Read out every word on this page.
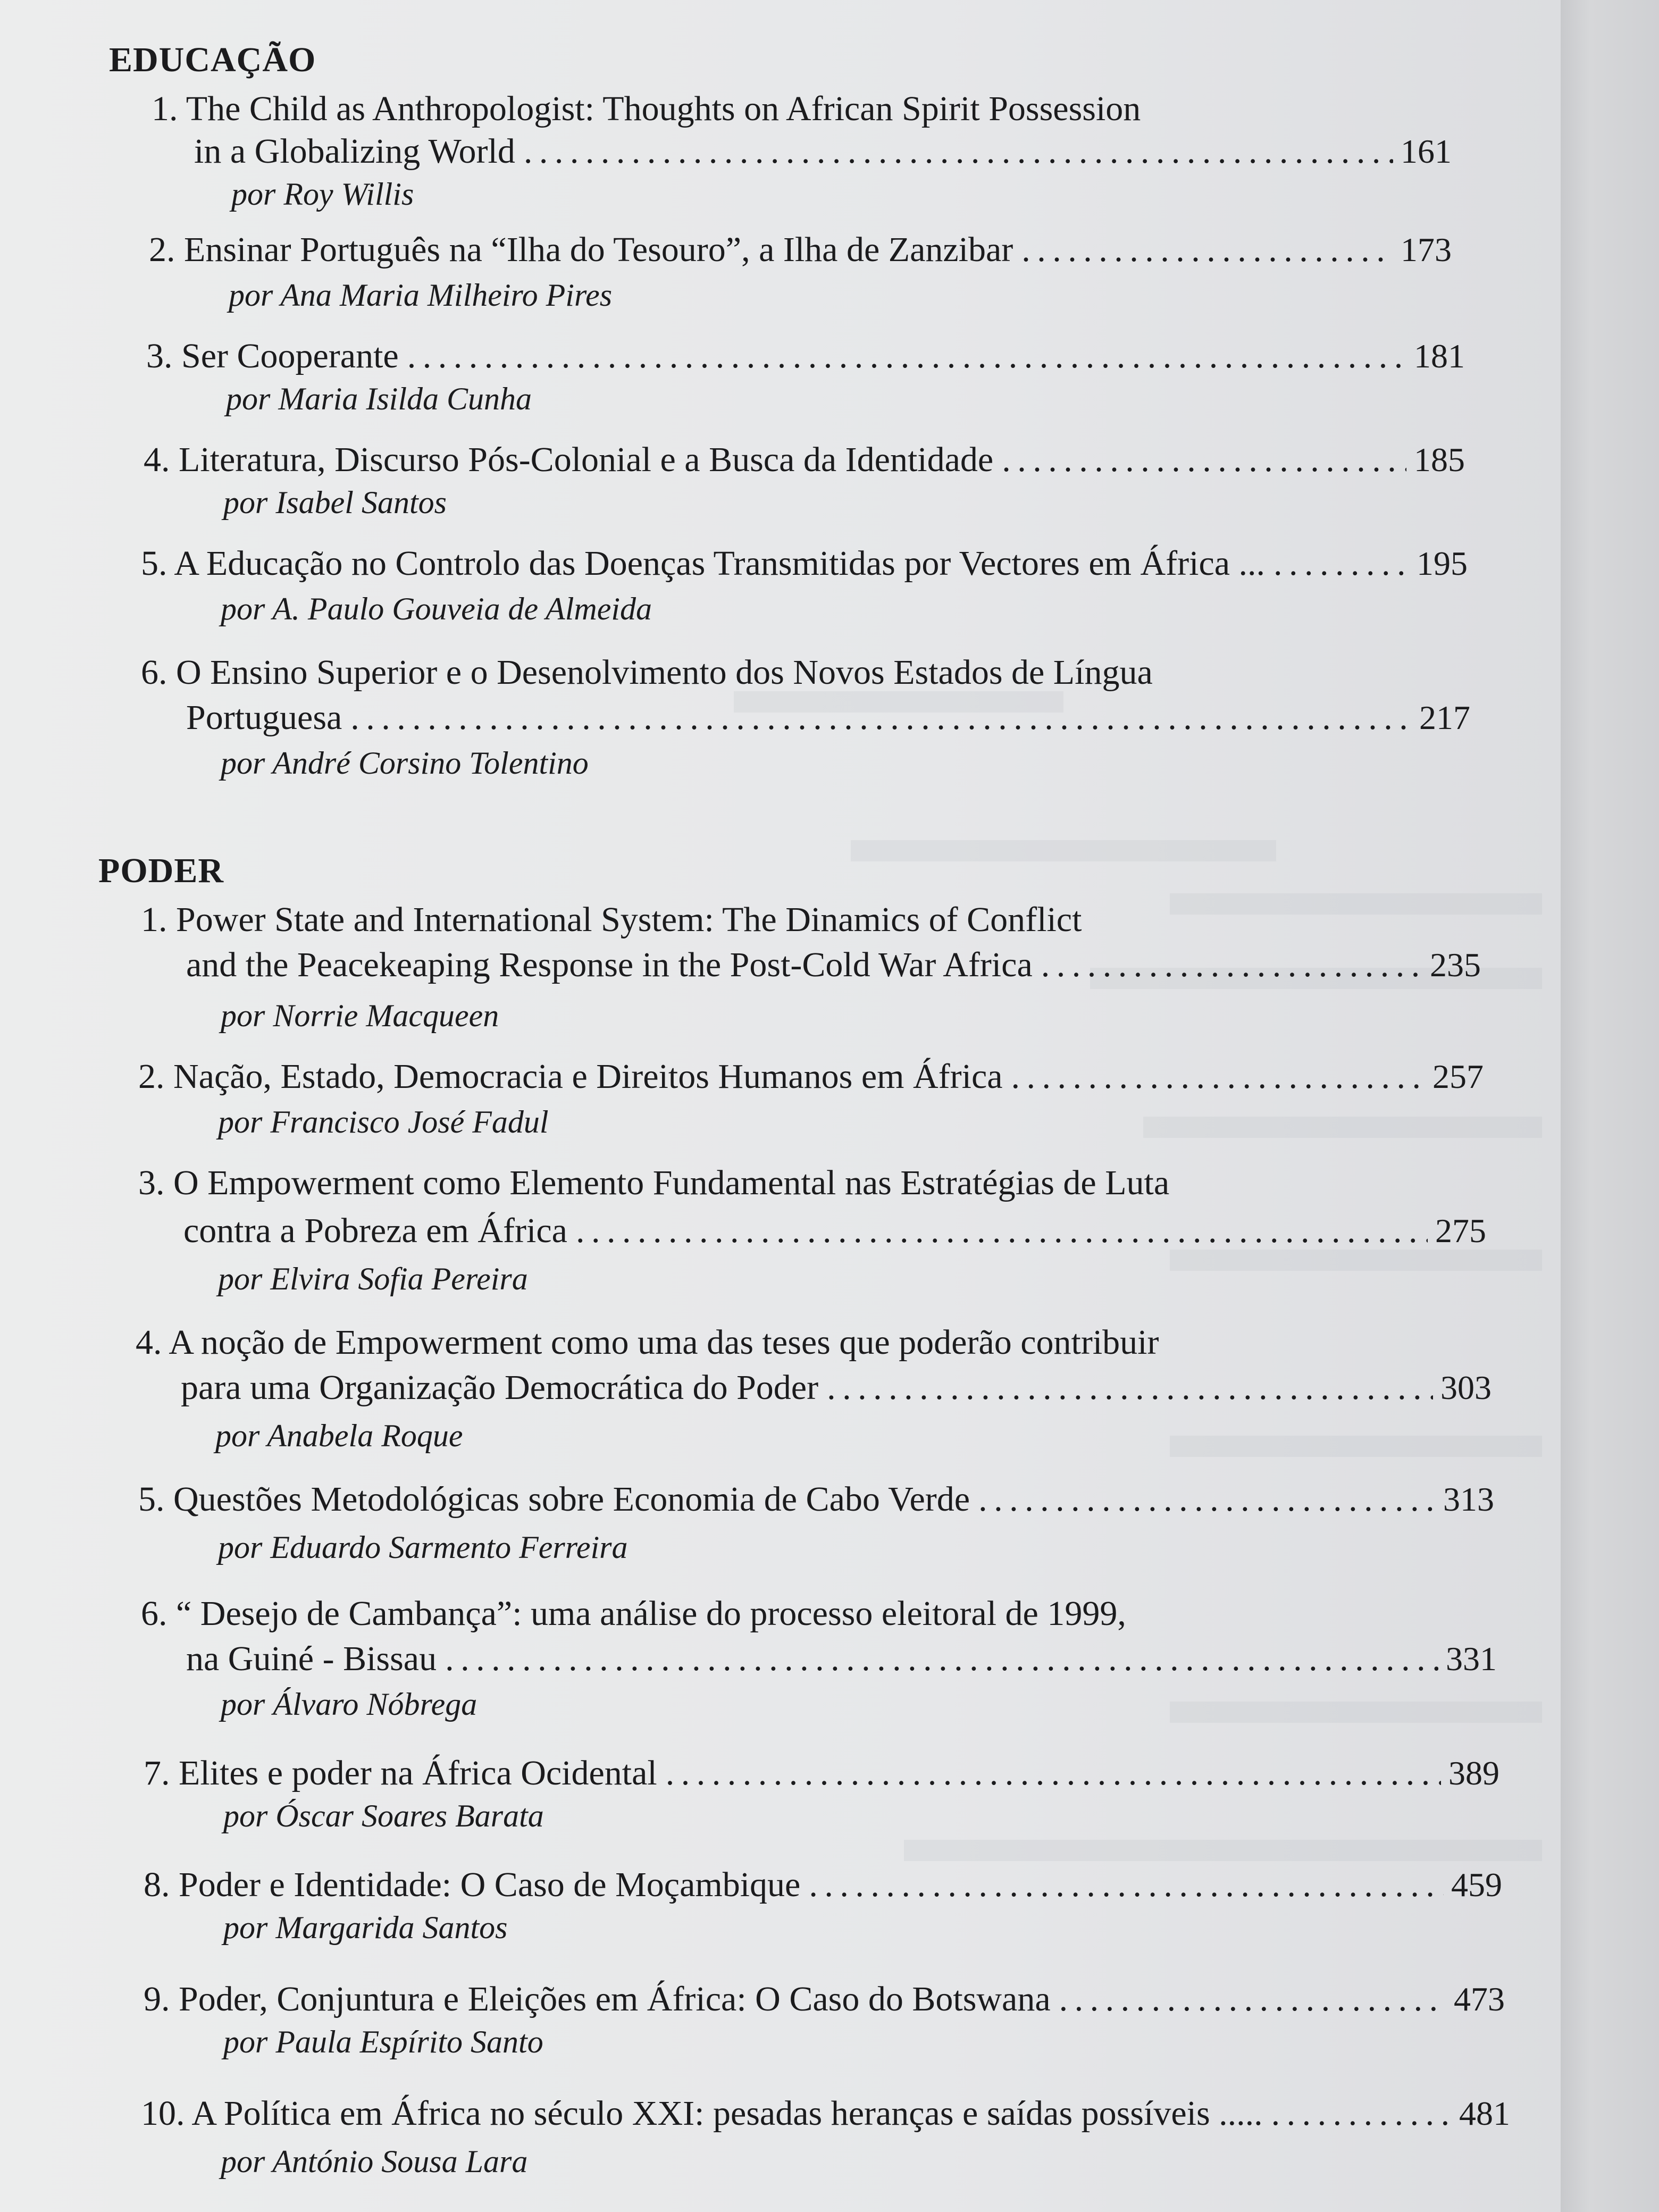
EDUCAÇÃO
1. The Child as Anthropologist: Thoughts on African Spirit Possession
in a Globalizing World . . .	161
por Roy Willis
2. Ensinar Português na “Ilha do Tesouro”, a Ilha de Zanzibar . . .	173
por Ana Maria Milheiro Pires
3. Ser Cooperante . . .	181
por Maria Isilda Cunha
4. Literatura, Discurso Pós-Colonial e a Busca da Identidade . . .	185
por Isabel Santos
5. A Educação no Controlo das Doenças Transmitidas por Vectores em África ... . . .	195
por A. Paulo Gouveia de Almeida
6. O Ensino Superior e o Desenolvimento dos Novos Estados de Língua
Portuguesa . . .	217
por André Corsino Tolentino
PODER
1. Power State and International System: The Dinamics of Conflict
and the Peacekeaping Response in the Post-Cold War Africa . . .	235
por Norrie Macqueen
2. Nação, Estado, Democracia e Direitos Humanos em África . . .	257
por Francisco José Fadul
3. O Empowerment como Elemento Fundamental nas Estratégias de Luta
contra a Pobreza em África . . .	275
por Elvira Sofia Pereira
4. A noção de Empowerment como uma das teses que poderão contribuir
para uma Organização Democrática do Poder . . .	303
por Anabela Roque
5. Questões Metodológicas sobre Economia de Cabo Verde . . .	313
por Eduardo Sarmento Ferreira
6. “ Desejo de Cambança”: uma análise do processo eleitoral de 1999,
na Guiné - Bissau . . .	331
por Álvaro Nóbrega
7. Elites e poder na África Ocidental . . .	389
por Óscar Soares Barata
8. Poder e Identidade: O Caso de Moçambique . . .	459
por Margarida Santos
9. Poder, Conjuntura e Eleições em África: O Caso do Botswana . . .	473
por Paula Espírito Santo
10. A Política em África no século XXI: pesadas heranças e saídas possíveis ..... . . .	481
por António Sousa Lara
